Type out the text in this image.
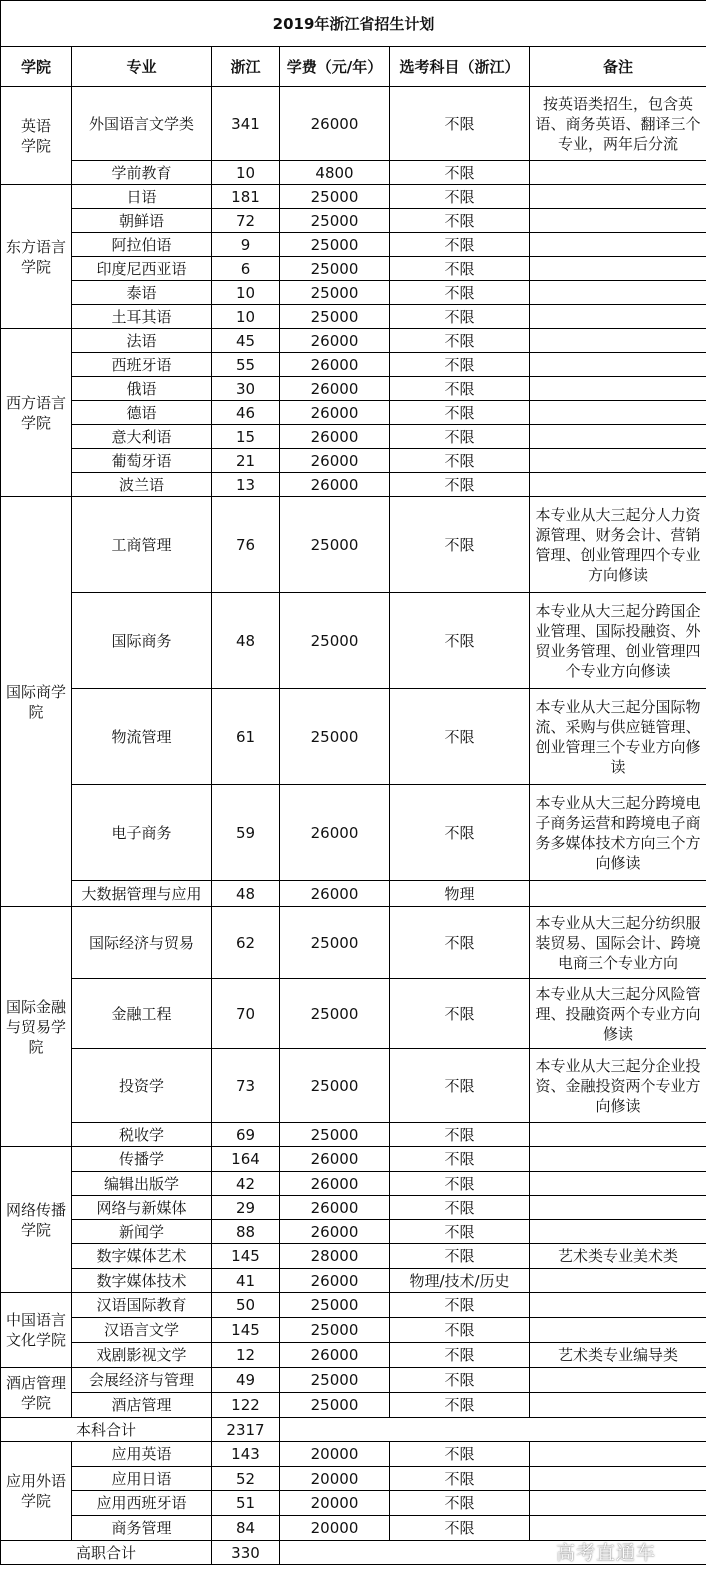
2019年浙江省招生计划					
学院	专业	浙江	学费（元/年）	选考科目（浙江）	备注
英语
学院	外国语言文学类	341	26000	不限	按英语类招生，包含英语、商务英语、翻译三个专业，两年后分流
	学前教育	10	4800	不限	
东方语言
学院	日语	181	25000	不限	
	朝鲜语	72	25000	不限	
	阿拉伯语	9	25000	不限	
	印度尼西亚语	6	25000	不限	
	泰语	10	25000	不限	
	土耳其语	10	25000	不限	
西方语言
学院	法语	45	26000	不限	
	西班牙语	55	26000	不限	
	俄语	30	26000	不限	
	德语	46	26000	不限	
	意大利语	15	26000	不限	
	葡萄牙语	21	26000	不限	
	波兰语	13	26000	不限	
国际商学
院	工商管理	76	25000	不限	本专业从大三起分人力资源管理、财务会计、营销管理、创业管理四个专业方向修读
	国际商务	48	25000	不限	本专业从大三起分跨国企业管理、国际投融资、外贸业务管理、创业管理四个专业方向修读
	物流管理	61	25000	不限	本专业从大三起分国际物流、采购与供应链管理、创业管理三个专业方向修读
	电子商务	59	26000	不限	本专业从大三起分跨境电子商务运营和跨境电子商务多媒体技术方向三个方向修读
	大数据管理与应用	48	26000	物理	
国际金融
与贸易学
院	国际经济与贸易	62	25000	不限	本专业从大三起分纺织服装贸易、国际会计、跨境电商三个专业方向
	金融工程	70	25000	不限	本专业从大三起分风险管理、投融资两个专业方向修读
	投资学	73	25000	不限	本专业从大三起分企业投资、金融投资两个专业方向修读
	税收学	69	25000	不限	
网络传播
学院	传播学	164	26000	不限	
	编辑出版学	42	26000	不限	
	网络与新媒体	29	26000	不限	
	新闻学	88	26000	不限	
	数字媒体艺术	145	28000	不限	艺术类专业美术类
	数字媒体技术	41	26000	物理/技术/历史	
中国语言
文化学院	汉语国际教育	50	25000	不限	
	汉语言文学	145	25000	不限	
	戏剧影视文学	12	26000	不限	艺术类专业编导类
酒店管理
学院	会展经济与管理	49	25000	不限	
	酒店管理	122	25000	不限	
本科合计		2317			
应用外语
学院	应用英语	143	20000	不限	
	应用日语	52	20000	不限	
	应用西班牙语	51	20000	不限	
	商务管理	84	20000	不限	
高职合计		330				高考直通车
